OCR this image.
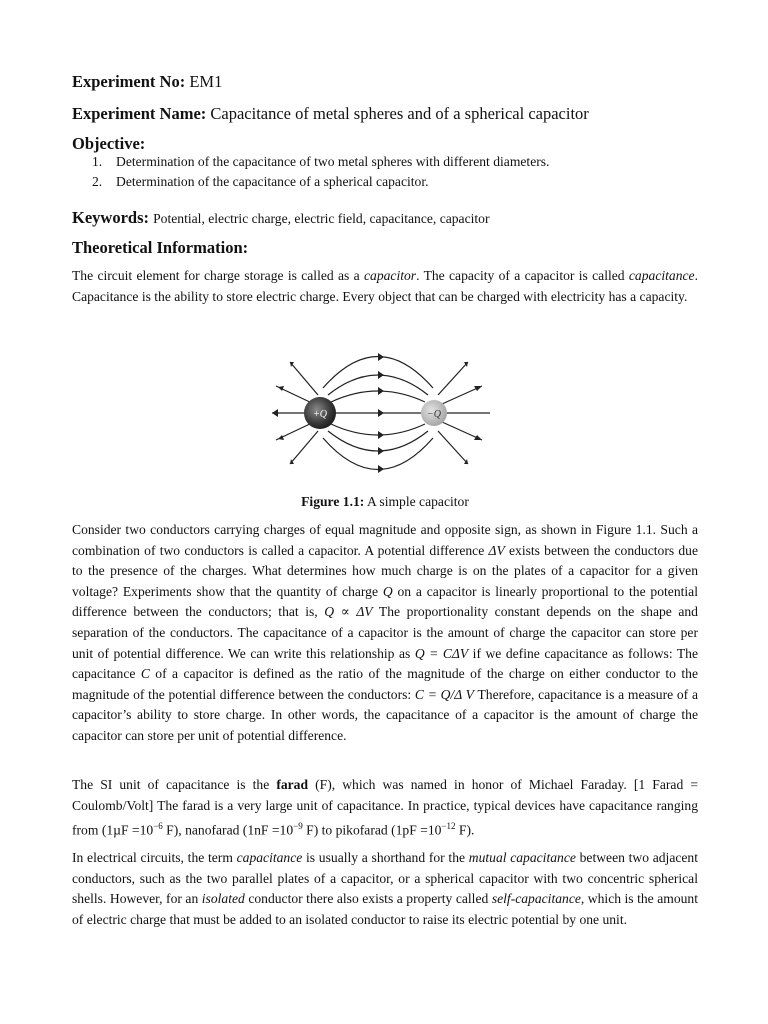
Experiment No: EM1
Experiment Name: Capacitance of metal spheres and of a spherical capacitor
Objective:
1. Determination of the capacitance of two metal spheres with different diameters.
2. Determination of the capacitance of a spherical capacitor.
Keywords: Potential, electric charge, electric field, capacitance, capacitor
Theoretical Information:

The circuit element for charge storage is called as a capacitor. The capacity of a capacitor is called capacitance. Capacitance is the ability to store electric charge. Every object that can be charged with electricity has a capacity.

+Q	−Q
Figure 1.1: A simple capacitor

Consider two conductors carrying charges of equal magnitude and opposite sign, as shown in Figure 1.1. Such a combination of two conductors is called a capacitor. A potential difference ΔV exists between the conductors due to the presence of the charges. What determines how much charge is on the plates of a capacitor for a given voltage? Experiments show that the quantity of charge Q on a capacitor is linearly proportional to the potential difference between the conductors; that is, Q ∝ ΔV The proportionality constant depends on the shape and separation of the conductors. The capacitance of a capacitor is the amount of charge the capacitor can store per unit of potential difference. We can write this relationship as Q = CΔV if we define capacitance as follows: The capacitance C of a capacitor is defined as the ratio of the magnitude of the charge on either conductor to the magnitude of the potential difference between the conductors: C = Q/Δ V Therefore, capacitance is a measure of a capacitor’s ability to store charge. In other words, the capacitance of a capacitor is the amount of charge the capacitor can store per unit of potential difference.

The SI unit of capacitance is the farad (F), which was named in honor of Michael Faraday. [1 Farad = Coulomb/Volt] The farad is a very large unit of capacitance. In practice, typical devices have capacitance ranging from ($1\mu F =10^{-6}$ F), nanofarad ($1nF =10^{-9}$ F) to pikofarad ($1pF =10^{-12}$ F).

In electrical circuits, the term capacitance is usually a shorthand for the mutual capacitance between two adjacent conductors, such as the two parallel plates of a capacitor, or a spherical capacitor with two concentric spherical shells. However, for an isolated conductor there also exists a property called self-capacitance, which is the amount of electric charge that must be added to an isolated conductor to raise its electric potential by one unit.
